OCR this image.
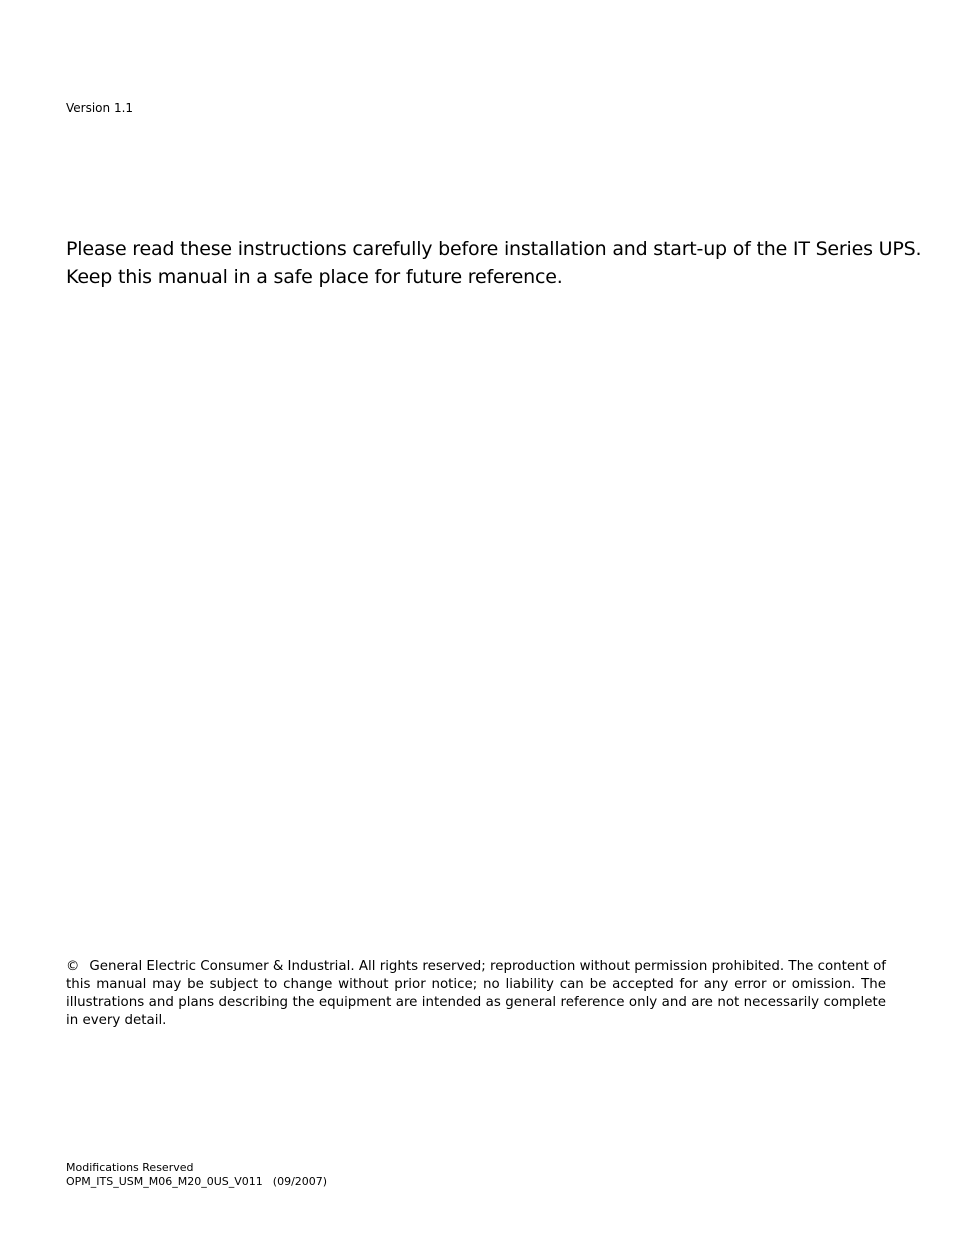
Version 1.1

Please read these instructions carefully before installation and start-up of the IT Series UPS.

Keep this manual in a safe place for future reference.

© General Electric Consumer & Industrial. All rights reserved; reproduction without permission prohibited. The content of this manual may be subject to change without prior notice; no liability can be accepted for any error or omission. The illustrations and plans describing the equipment are intended as general reference only and are not necessarily complete in every detail.
Modifications Reserved
OPM_ITS_USM_M06_M20_0US_V011 (09/2007)
